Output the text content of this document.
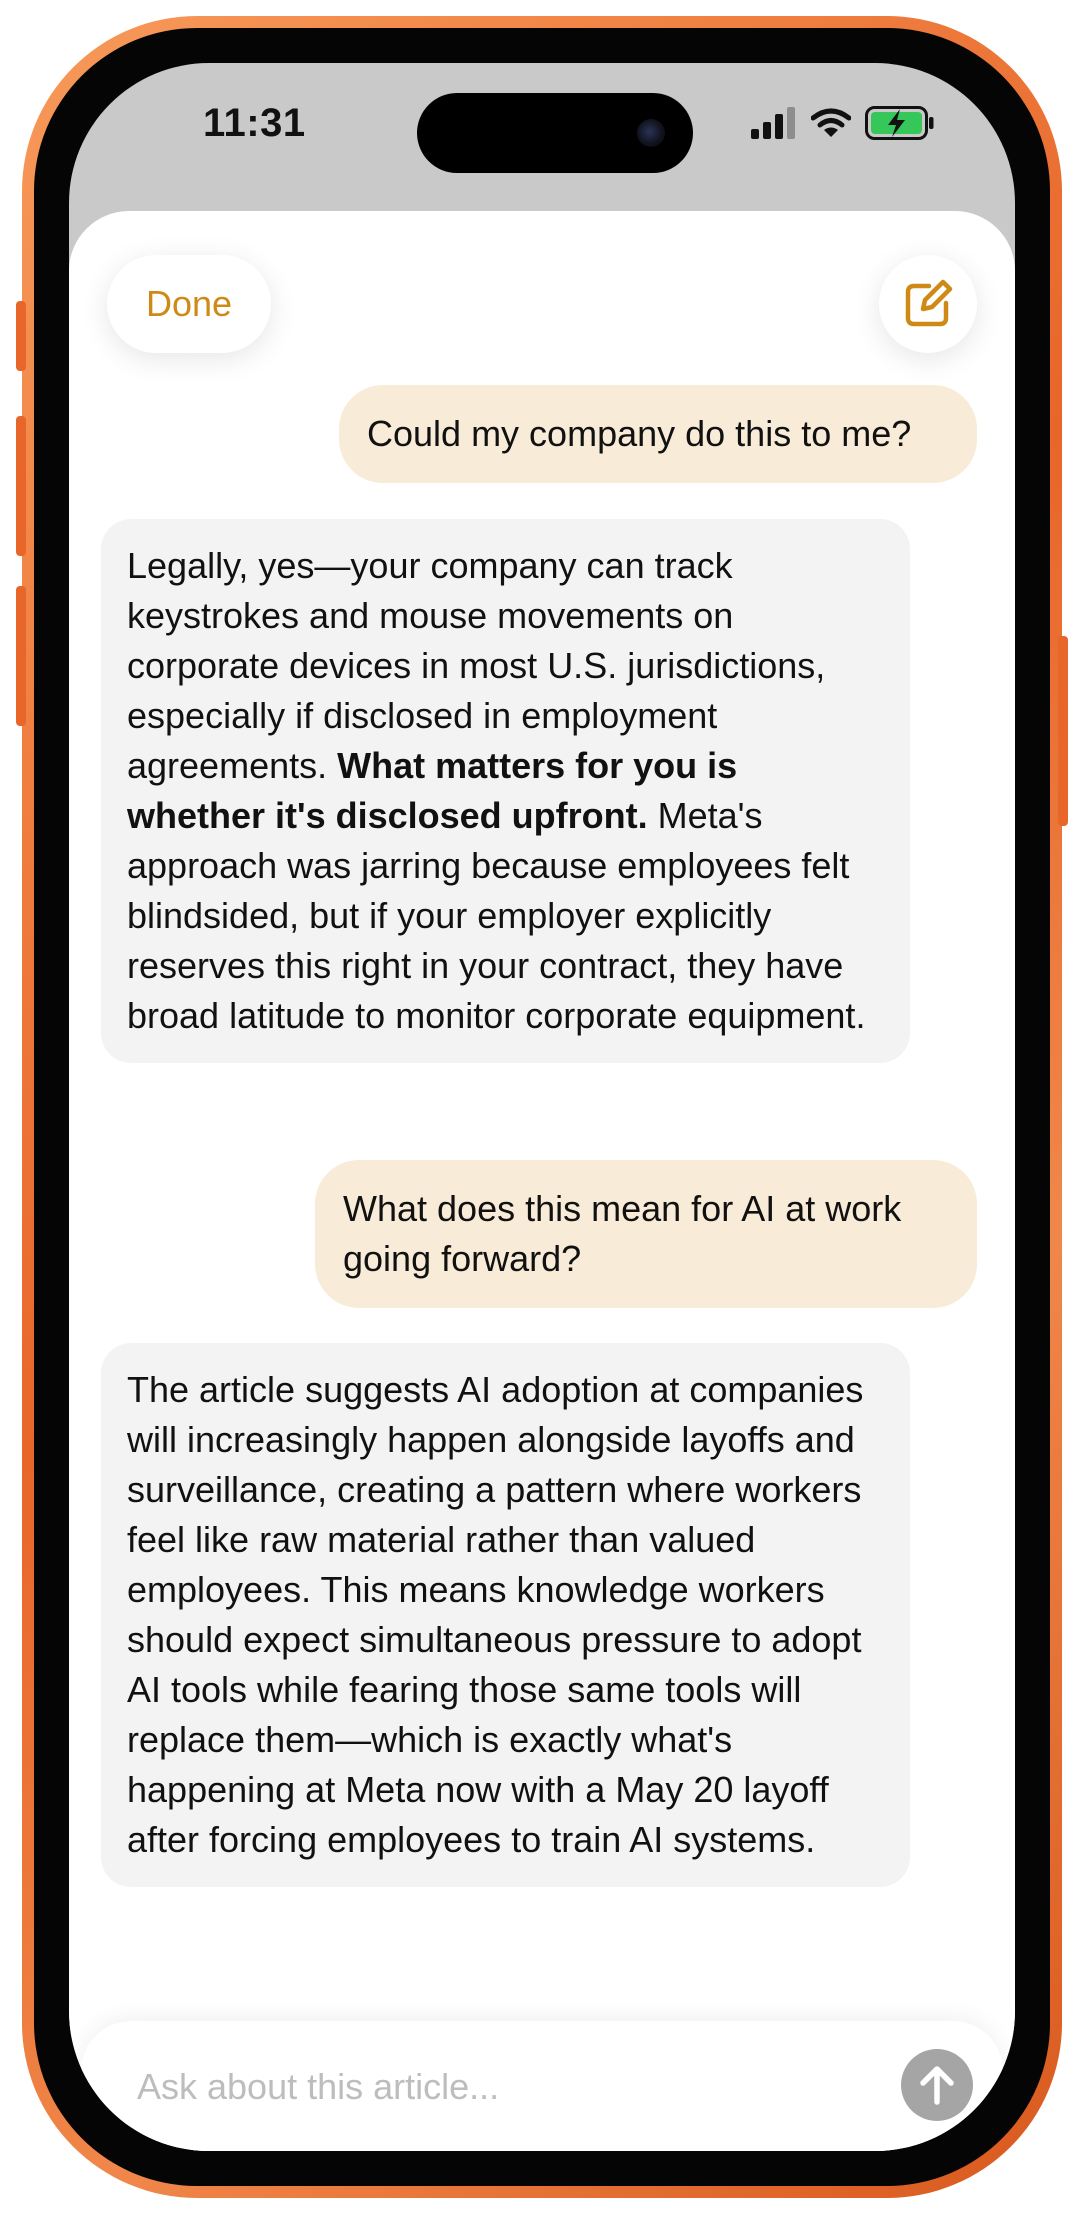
11:31
Done
Could my company do this to me?
Legally, yes—your company can track keystrokes and mouse movements on corporate devices in most U.S. jurisdictions, especially if disclosed in employment agreements. What matters for you is whether it's disclosed upfront. Meta's approach was jarring because employees felt blindsided, but if your employer explicitly reserves this right in your contract, they have broad latitude to monitor corporate equipment.
What does this mean for AI at work going forward?
The article suggests AI adoption at companies will increasingly happen alongside layoffs and surveillance, creating a pattern where workers feel like raw material rather than valued employees. This means knowledge workers should expect simultaneous pressure to adopt AI tools while fearing those same tools will replace them—which is exactly what's happening at Meta now with a May 20 layoff after forcing employees to train AI systems.
Ask about this article...
